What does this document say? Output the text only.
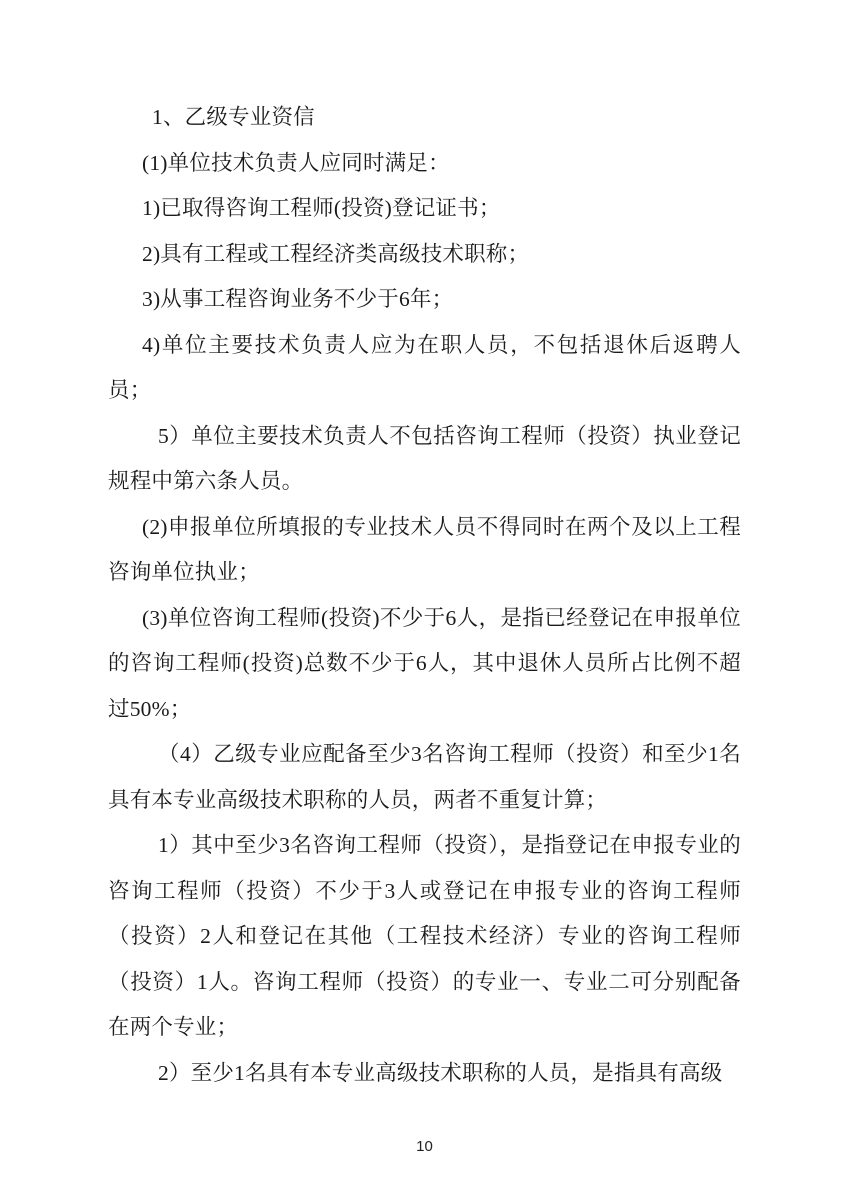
1、乙级专业资信

(1)单位技术负责人应同时满足：

1)已取得咨询工程师(投资)登记证书；

2)具有工程或工程经济类高级技术职称；

3)从事工程咨询业务不少于6年；

4)单位主要技术负责人应为在职人员，不包括退休后返聘人员；

5）单位主要技术负责人不包括咨询工程师（投资）执业登记规程中第六条人员。

(2)申报单位所填报的专业技术人员不得同时在两个及以上工程咨询单位执业；

(3)单位咨询工程师(投资)不少于6人，是指已经登记在申报单位的咨询工程师(投资)总数不少于6人，其中退休人员所占比例不超过50%；

（4）乙级专业应配备至少3名咨询工程师（投资）和至少1名具有本专业高级技术职称的人员，两者不重复计算；

1）其中至少3名咨询工程师（投资），是指登记在申报专业的咨询工程师（投资）不少于3人或登记在申报专业的咨询工程师（投资）2人和登记在其他（工程技术经济）专业的咨询工程师（投资）1人。咨询工程师（投资）的专业一、专业二可分别配备在两个专业；

2）至少1名具有本专业高级技术职称的人员，是指具有高级

10
